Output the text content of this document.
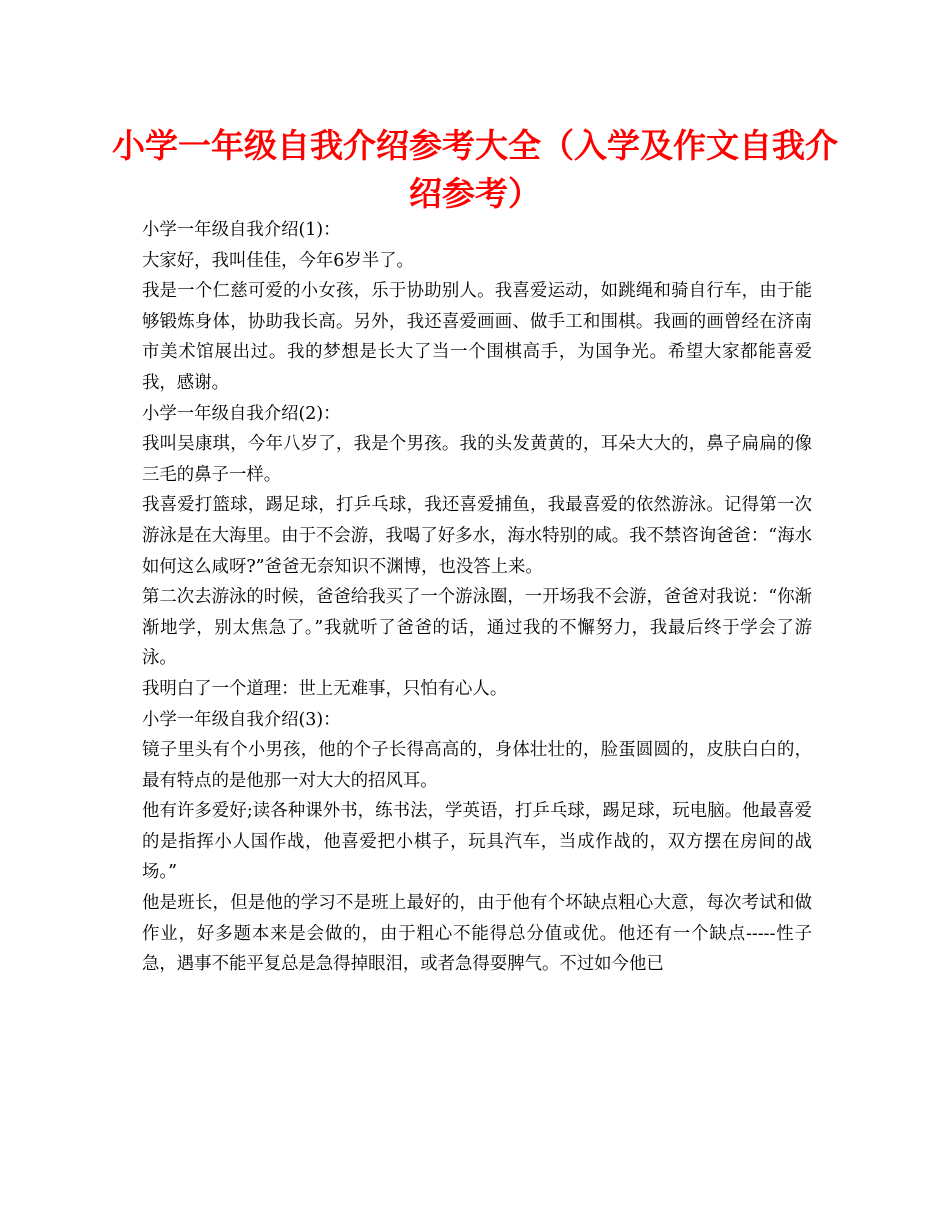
小学一年级自我介绍参考大全（入学及作文自我介绍参考）

小学一年级自我介绍(1)：

大家好，我叫佳佳，今年6岁半了。

我是一个仁慈可爱的小女孩，乐于协助别人。我喜爱运动，如跳绳和骑自行车，由于能够锻炼身体，协助我长高。另外，我还喜爱画画、做手工和围棋。我画的画曾经在济南市美术馆展出过。我的梦想是长大了当一个围棋高手，为国争光。希望大家都能喜爱我，感谢。

小学一年级自我介绍(2)：

我叫吴康琪，今年八岁了，我是个男孩。我的头发黄黄的，耳朵大大的，鼻子扁扁的像三毛的鼻子一样。

我喜爱打篮球，踢足球，打乒乓球，我还喜爱捕鱼，我最喜爱的依然游泳。记得第一次游泳是在大海里。由于不会游，我喝了好多水，海水特别的咸。我不禁咨询爸爸：“海水如何这么咸呀?”爸爸无奈知识不渊博，也没答上来。

第二次去游泳的时候，爸爸给我买了一个游泳圈，一开场我不会游，爸爸对我说：“你渐渐地学，别太焦急了。”我就听了爸爸的话，通过我的不懈努力，我最后终于学会了游泳。

我明白了一个道理：世上无难事，只怕有心人。

小学一年级自我介绍(3)：

镜子里头有个小男孩，他的个子长得高高的，身体壮壮的，脸蛋圆圆的，皮肤白白的，最有特点的是他那一对大大的招风耳。

他有许多爱好;读各种课外书，练书法，学英语，打乒乓球，踢足球，玩电脑。他最喜爱的是指挥小人国作战，他喜爱把小棋子，玩具汽车，当成作战的，双方摆在房间的战场。”

他是班长，但是他的学习不是班上最好的，由于他有个坏缺点粗心大意，每次考试和做作业，好多题本来是会做的，由于粗心不能得总分值或优。他还有一个缺点-----性子急，遇事不能平复总是急得掉眼泪，或者急得耍脾气。不过如今他已
